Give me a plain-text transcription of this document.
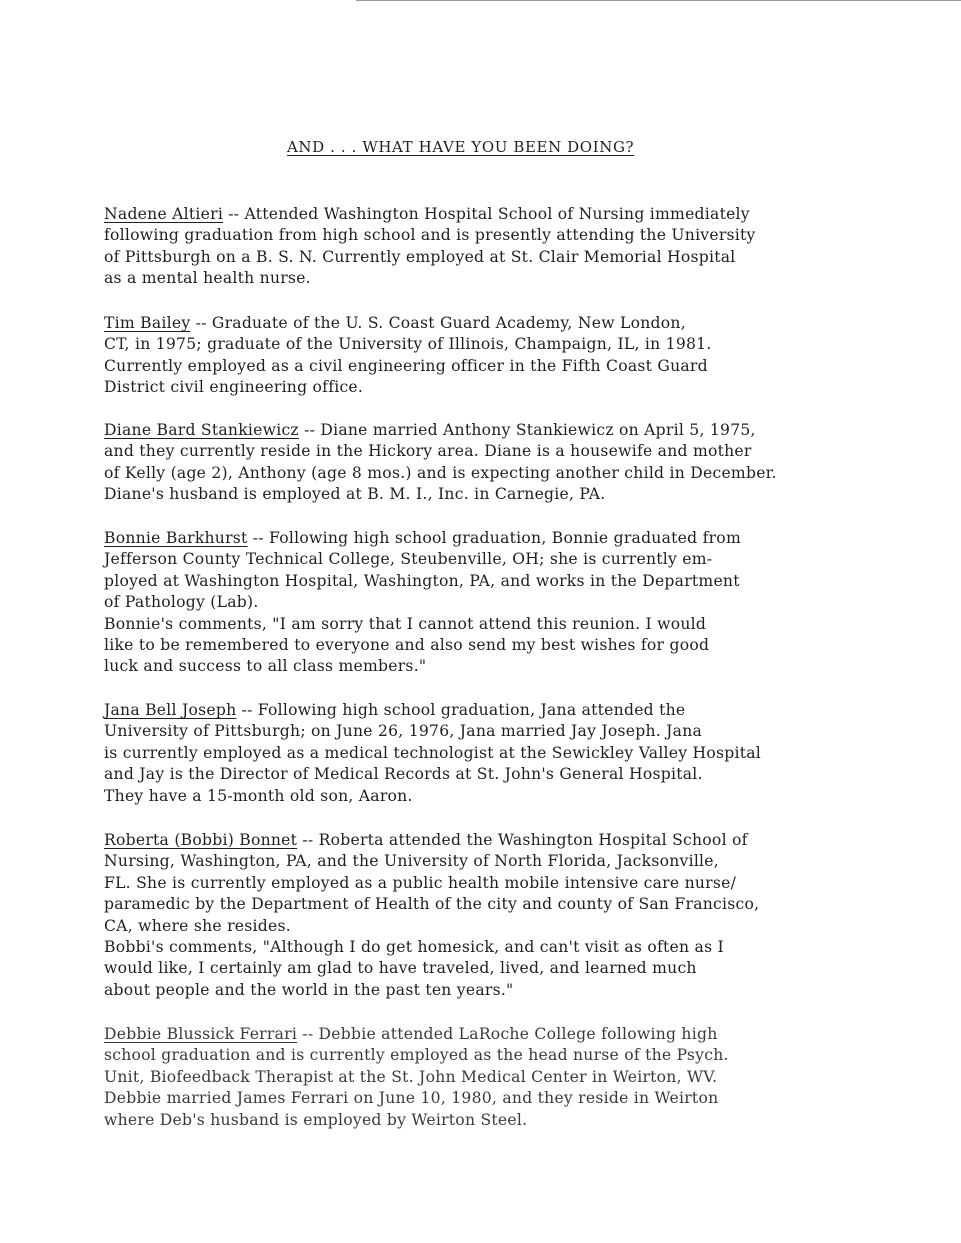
AND . . . WHAT HAVE YOU BEEN DOING?
Nadene Altieri -- Attended Washington Hospital School of Nursing immediately
following graduation from high school and is presently attending the University
of Pittsburgh on a B. S. N. Currently employed at St. Clair Memorial Hospital
as a mental health nurse.
Tim Bailey -- Graduate of the U. S. Coast Guard Academy, New London,
CT, in 1975; graduate of the University of Illinois, Champaign, IL, in 1981.
Currently employed as a civil engineering officer in the Fifth Coast Guard
District civil engineering office.
Diane Bard Stankiewicz -- Diane married Anthony Stankiewicz on April 5, 1975,
and they currently reside in the Hickory area. Diane is a housewife and mother
of Kelly (age 2), Anthony (age 8 mos.) and is expecting another child in December.
Diane's husband is employed at B. M. I., Inc. in Carnegie, PA.
Bonnie Barkhurst -- Following high school graduation, Bonnie graduated from
Jefferson County Technical College, Steubenville, OH; she is currently em-
ployed at Washington Hospital, Washington, PA, and works in the Department
of Pathology (Lab).
Bonnie's comments, "I am sorry that I cannot attend this reunion. I would
like to be remembered to everyone and also send my best wishes for good
luck and success to all class members."
Jana Bell Joseph -- Following high school graduation, Jana attended the
University of Pittsburgh; on June 26, 1976, Jana married Jay Joseph. Jana
is currently employed as a medical technologist at the Sewickley Valley Hospital
and Jay is the Director of Medical Records at St. John's General Hospital.
They have a 15-month old son, Aaron.
Roberta (Bobbi) Bonnet -- Roberta attended the Washington Hospital School of
Nursing, Washington, PA, and the University of North Florida, Jacksonville,
FL. She is currently employed as a public health mobile intensive care nurse/
paramedic by the Department of Health of the city and county of San Francisco,
CA, where she resides.
Bobbi's comments, "Although I do get homesick, and can't visit as often as I
would like, I certainly am glad to have traveled, lived, and learned much
about people and the world in the past ten years."
Debbie Blussick Ferrari -- Debbie attended LaRoche College following high
school graduation and is currently employed as the head nurse of the Psych.
Unit, Biofeedback Therapist at the St. John Medical Center in Weirton, WV.
Debbie married James Ferrari on June 10, 1980, and they reside in Weirton
where Deb's husband is employed by Weirton Steel.
